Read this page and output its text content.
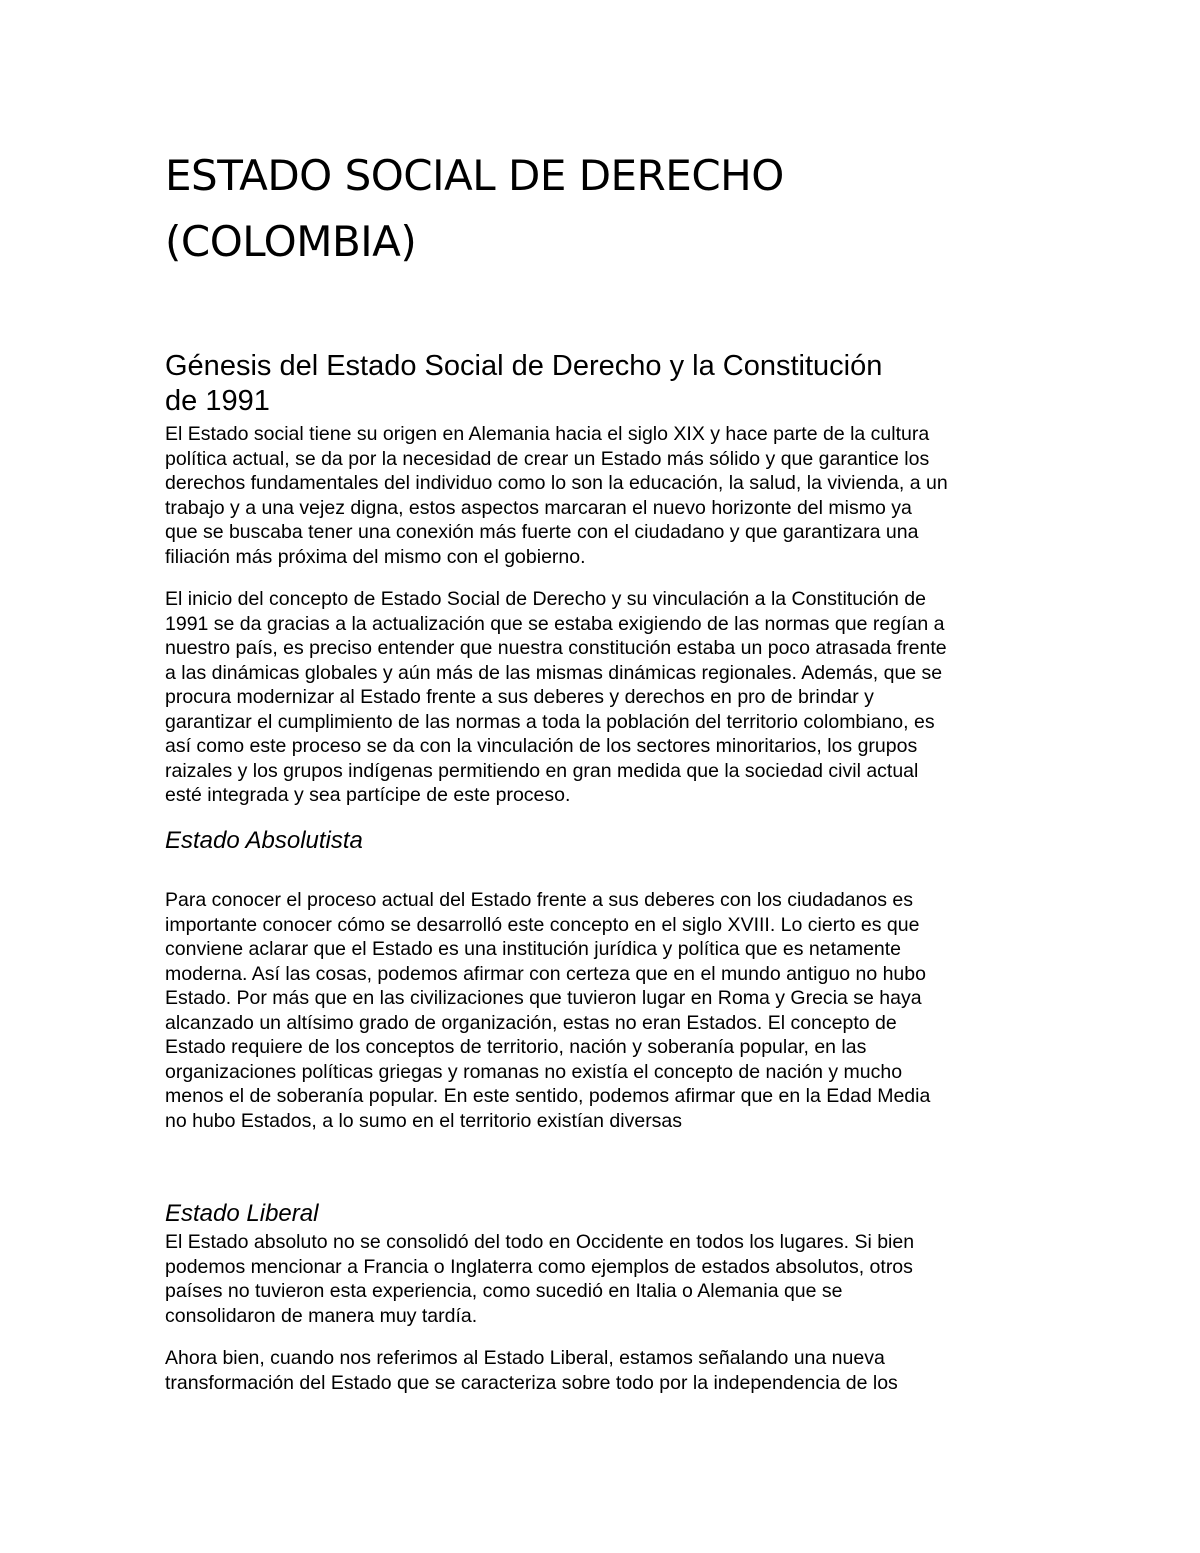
ESTADO SOCIAL DE DERECHO
(COLOMBIA)
Génesis del Estado Social de Derecho y la Constitución
de 1991
El Estado social tiene su origen en Alemania hacia el siglo XIX y hace parte de la cultura
política actual, se da por la necesidad de crear un Estado más sólido y que garantice los
derechos fundamentales del individuo como lo son la educación, la salud, la vivienda, a un
trabajo y a una vejez digna, estos aspectos marcaran el nuevo horizonte del mismo ya
que se buscaba tener una conexión más fuerte con el ciudadano y que garantizara una
filiación más próxima del mismo con el gobierno.
El inicio del concepto de Estado Social de Derecho y su vinculación a la Constitución de
1991 se da gracias a la actualización que se estaba exigiendo de las normas que regían a
nuestro país, es preciso entender que nuestra constitución estaba un poco atrasada frente
a las dinámicas globales y aún más de las mismas dinámicas regionales. Además, que se
procura modernizar al Estado frente a sus deberes y derechos en pro de brindar y
garantizar el cumplimiento de las normas a toda la población del territorio colombiano, es
así como este proceso se da con la vinculación de los sectores minoritarios, los grupos
raizales y los grupos indígenas permitiendo en gran medida que la sociedad civil actual
esté integrada y sea partícipe de este proceso.
Estado Absolutista
Para conocer el proceso actual del Estado frente a sus deberes con los ciudadanos es
importante conocer cómo se desarrolló este concepto en el siglo XVIII. Lo cierto es que
conviene aclarar que el Estado es una institución jurídica y política que es netamente
moderna. Así las cosas, podemos afirmar con certeza que en el mundo antiguo no hubo
Estado. Por más que en las civilizaciones que tuvieron lugar en Roma y Grecia se haya
alcanzado un altísimo grado de organización, estas no eran Estados. El concepto de
Estado requiere de los conceptos de territorio, nación y soberanía popular, en las
organizaciones políticas griegas y romanas no existía el concepto de nación y mucho
menos el de soberanía popular. En este sentido, podemos afirmar que en la Edad Media
no hubo Estados, a lo sumo en el territorio existían diversas
Estado Liberal
El Estado absoluto no se consolidó del todo en Occidente en todos los lugares. Si bien
podemos mencionar a Francia o Inglaterra como ejemplos de estados absolutos, otros
países no tuvieron esta experiencia, como sucedió en Italia o Alemania que se
consolidaron de manera muy tardía.
Ahora bien, cuando nos referimos al Estado Liberal, estamos señalando una nueva
transformación del Estado que se caracteriza sobre todo por la independencia de los
